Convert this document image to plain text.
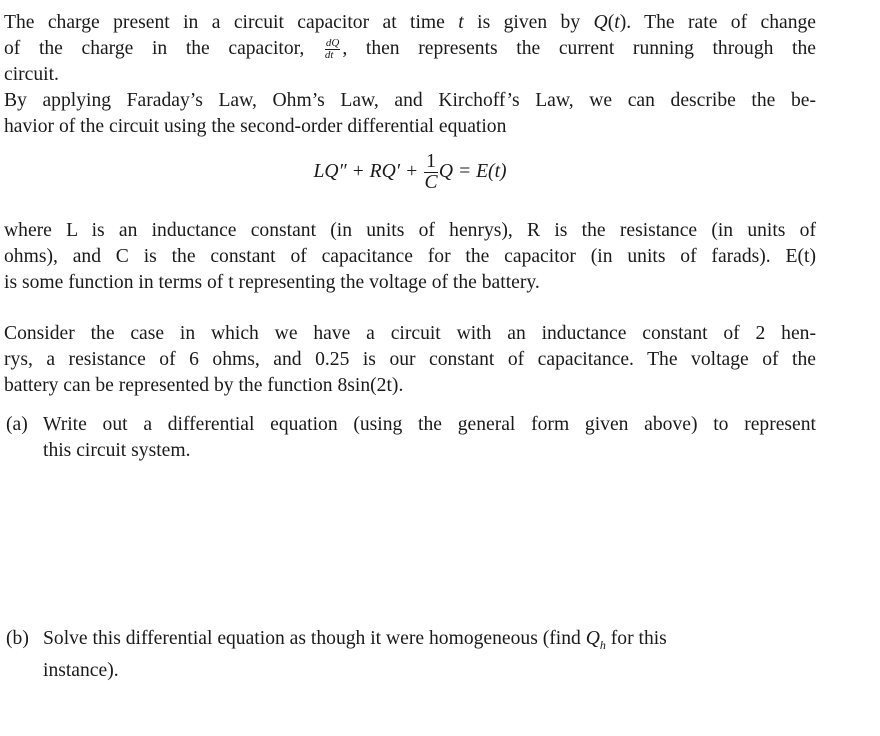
The charge present in a circuit capacitor at time t is given by Q(t). The rate of change
of the charge in the capacitor, $\frac{dQ}{dt}$ , then represents the current running through the
circuit.
By applying Faraday’s Law, Ohm’s Law, and Kirchoff’s Law, we can describe the be-
havior of the circuit using the second-order differential equation
$LQ'' + RQ' + \frac{1}{C}$ Q = E(t)
where L is an inductance constant (in units of henrys), R is the resistance (in units of
ohms), and C is the constant of capacitance for the capacitor (in units of farads). E(t)
is some function in terms of t representing the voltage of the battery.
Consider the case in which we have a circuit with an inductance constant of 2 hen-
rys, a resistance of 6 ohms, and 0.25 is our constant of capacitance. The voltage of the
battery can be represented by the function 8sin(2t).
(a) Write out a differential equation (using the general form given above) to represent
this circuit system.
(b) Solve this differential equation as though it were homogeneous (find $Q_h$ for this
instance).
